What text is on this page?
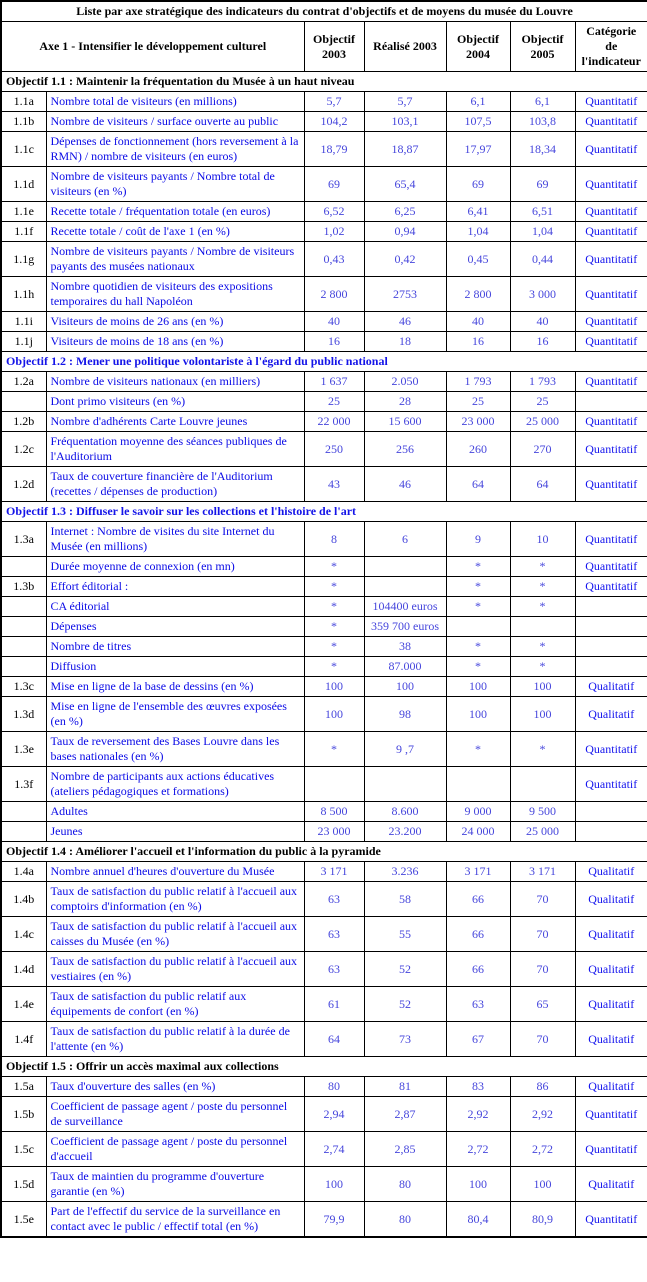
Liste par axe stratégique des indicateurs du contrat d'objectifs et de moyens du musée du Louvre						
Axe 1 - Intensifier le développement culturel		Objectif 2003	Réalisé 2003	Objectif 2004	Objectif 2005	Catégorie de l'indicateur
Objectif 1.1 : Maintenir la fréquentation du Musée à un haut niveau						
1.1a	Nombre total de visiteurs (en millions)	5,7	5,7	6,1	6,1	Quantitatif
1.1b	Nombre de visiteurs / surface ouverte au public	104,2	103,1	107,5	103,8	Quantitatif
1.1c	Dépenses de fonctionnement (hors reversement à la RMN) / nombre de visiteurs (en euros)	18,79	18,87	17,97	18,34	Quantitatif
1.1d	Nombre de visiteurs payants / Nombre total de visiteurs (en %)	69	65,4	69	69	Quantitatif
1.1e	Recette totale / fréquentation totale (en euros)	6,52	6,25	6,41	6,51	Quantitatif
1.1f	Recette totale / coût de l'axe 1 (en %)	1,02	0,94	1,04	1,04	Quantitatif
1.1g	Nombre de visiteurs payants / Nombre de visiteurs payants des musées nationaux	0,43	0,42	0,45	0,44	Quantitatif
1.1h	Nombre quotidien de visiteurs des expositions temporaires du hall Napoléon	2 800	2753	2 800	3 000	Quantitatif
1.1i	Visiteurs de moins de 26 ans (en %)	40	46	40	40	Quantitatif
1.1j	Visiteurs de moins de 18 ans (en %)	16	18	16	16	Quantitatif
Objectif 1.2 : Mener une politique volontariste à l'égard du public national						
1.2a	Nombre de visiteurs nationaux (en milliers)	1 637	2.050	1 793	1 793	Quantitatif
	Dont primo visiteurs (en %)	25	28	25	25	
1.2b	Nombre d'adhérents Carte Louvre jeunes	22 000	15 600	23 000	25 000	Quantitatif
1.2c	Fréquentation moyenne des séances publiques de l'Auditorium	250	256	260	270	Quantitatif
1.2d	Taux de couverture financière de l'Auditorium (recettes / dépenses de production)	43	46	64	64	Quantitatif
Objectif 1.3 : Diffuser le savoir sur les collections et l'histoire de l'art						
1.3a	Internet : Nombre de visites du site Internet du Musée (en millions)	8	6	9	10	Quantitatif
	Durée moyenne de connexion (en mn)	*		*	*	Quantitatif
1.3b	Effort éditorial :	*		*	*	Quantitatif
	CA éditorial	*	104400 euros	*	*	
	Dépenses	*	359 700 euros			
	Nombre de titres	*	38	*	*	
	Diffusion	*	87.000	*	*	
1.3c	Mise en ligne de la base de dessins (en %)	100	100	100	100	Qualitatif
1.3d	Mise en ligne de l'ensemble des œuvres exposées (en %)	100	98	100	100	Qualitatif
1.3e	Taux de reversement des Bases Louvre dans les bases nationales (en %)	*	9 ,7	*	*	Quantitatif
1.3f	Nombre de participants aux actions éducatives (ateliers pédagogiques et formations)					Quantitatif
	Adultes	8 500	8.600	9 000	9 500	
	Jeunes	23 000	23.200	24 000	25 000	
Objectif 1.4 : Améliorer l'accueil et l'information du public à la pyramide						
1.4a	Nombre annuel d'heures d'ouverture du Musée	3 171	3.236	3 171	3 171	Qualitatif
1.4b	Taux de satisfaction du public relatif à l'accueil aux comptoirs d'information (en %)	63	58	66	70	Qualitatif
1.4c	Taux de satisfaction du public relatif à l'accueil aux caisses du Musée (en %)	63	55	66	70	Qualitatif
1.4d	Taux de satisfaction du public relatif à l'accueil aux vestiaires (en %)	63	52	66	70	Qualitatif
1.4e	Taux de satisfaction du public relatif aux équipements de confort (en %)	61	52	63	65	Qualitatif
1.4f	Taux de satisfaction du public relatif à la durée de l'attente (en %)	64	73	67	70	Qualitatif
Objectif 1.5 : Offrir un accès maximal aux collections						
1.5a	Taux d'ouverture des salles (en %)	80	81	83	86	Qualitatif
1.5b	Coefficient de passage agent / poste du personnel de surveillance	2,94	2,87	2,92	2,92	Quantitatif
1.5c	Coefficient de passage agent / poste du personnel d'accueil	2,74	2,85	2,72	2,72	Quantitatif
1.5d	Taux de maintien du programme d'ouverture garantie (en %)	100	80	100	100	Qualitatif
1.5e	Part de l'effectif du service de la surveillance en contact avec le public / effectif total (en %)	79,9	80	80,4	80,9	Quantitatif
